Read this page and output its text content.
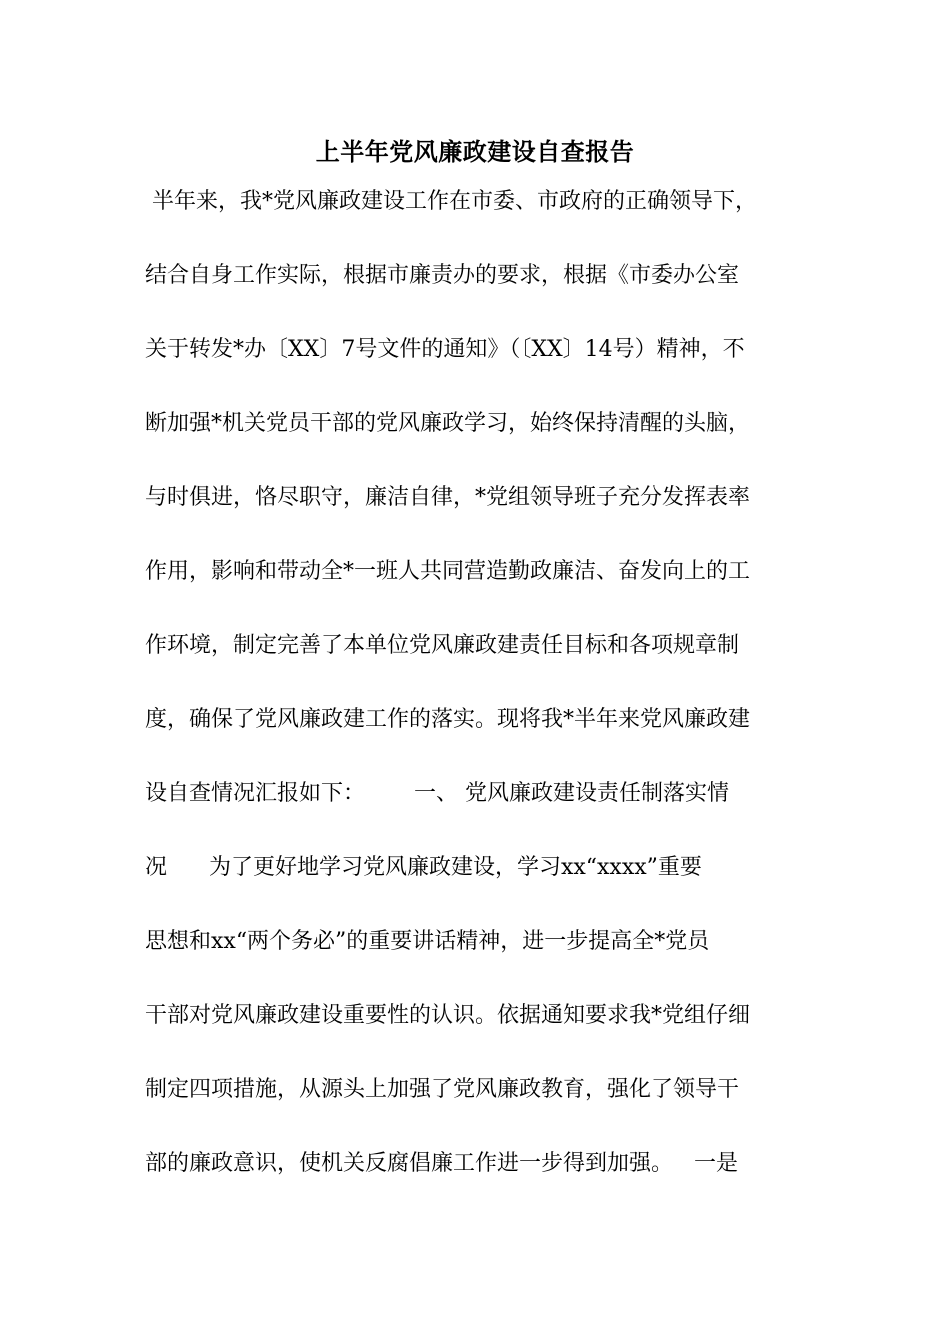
上半年党风廉政建设自查报告
半年来，我*党风廉政建设工作在市委、市政府的正确领导下，
结合自身工作实际，根据市廉责办的要求，根据《市委办公室
关于转发*办〔XX〕7号文件的通知》（〔XX〕14号）精神，不
断加强*机关党员干部的党风廉政学习，始终保持清醒的头脑，
与时俱进，恪尽职守，廉洁自律，*党组领导班子充分发挥表率
作用，影响和带动全*一班人共同营造勤政廉洁、奋发向上的工
作环境，制定完善了本单位党风廉政建责任目标和各项规章制
度，确保了党风廉政建工作的落实。现将我*半年来党风廉政建
设自查情况汇报如下：       一、 党风廉政建设责任制落实情
况      为了更好地学习党风廉政建设，学习xx“xxxx”重要
思想和xx“两个务必”的重要讲话精神，进一步提高全*党员
干部对党风廉政建设重要性的认识。依据通知要求我*党组仔细
制定四项措施，从源头上加强了党风廉政教育，强化了领导干
部的廉政意识，使机关反腐倡廉工作进一步得到加强。   一是
